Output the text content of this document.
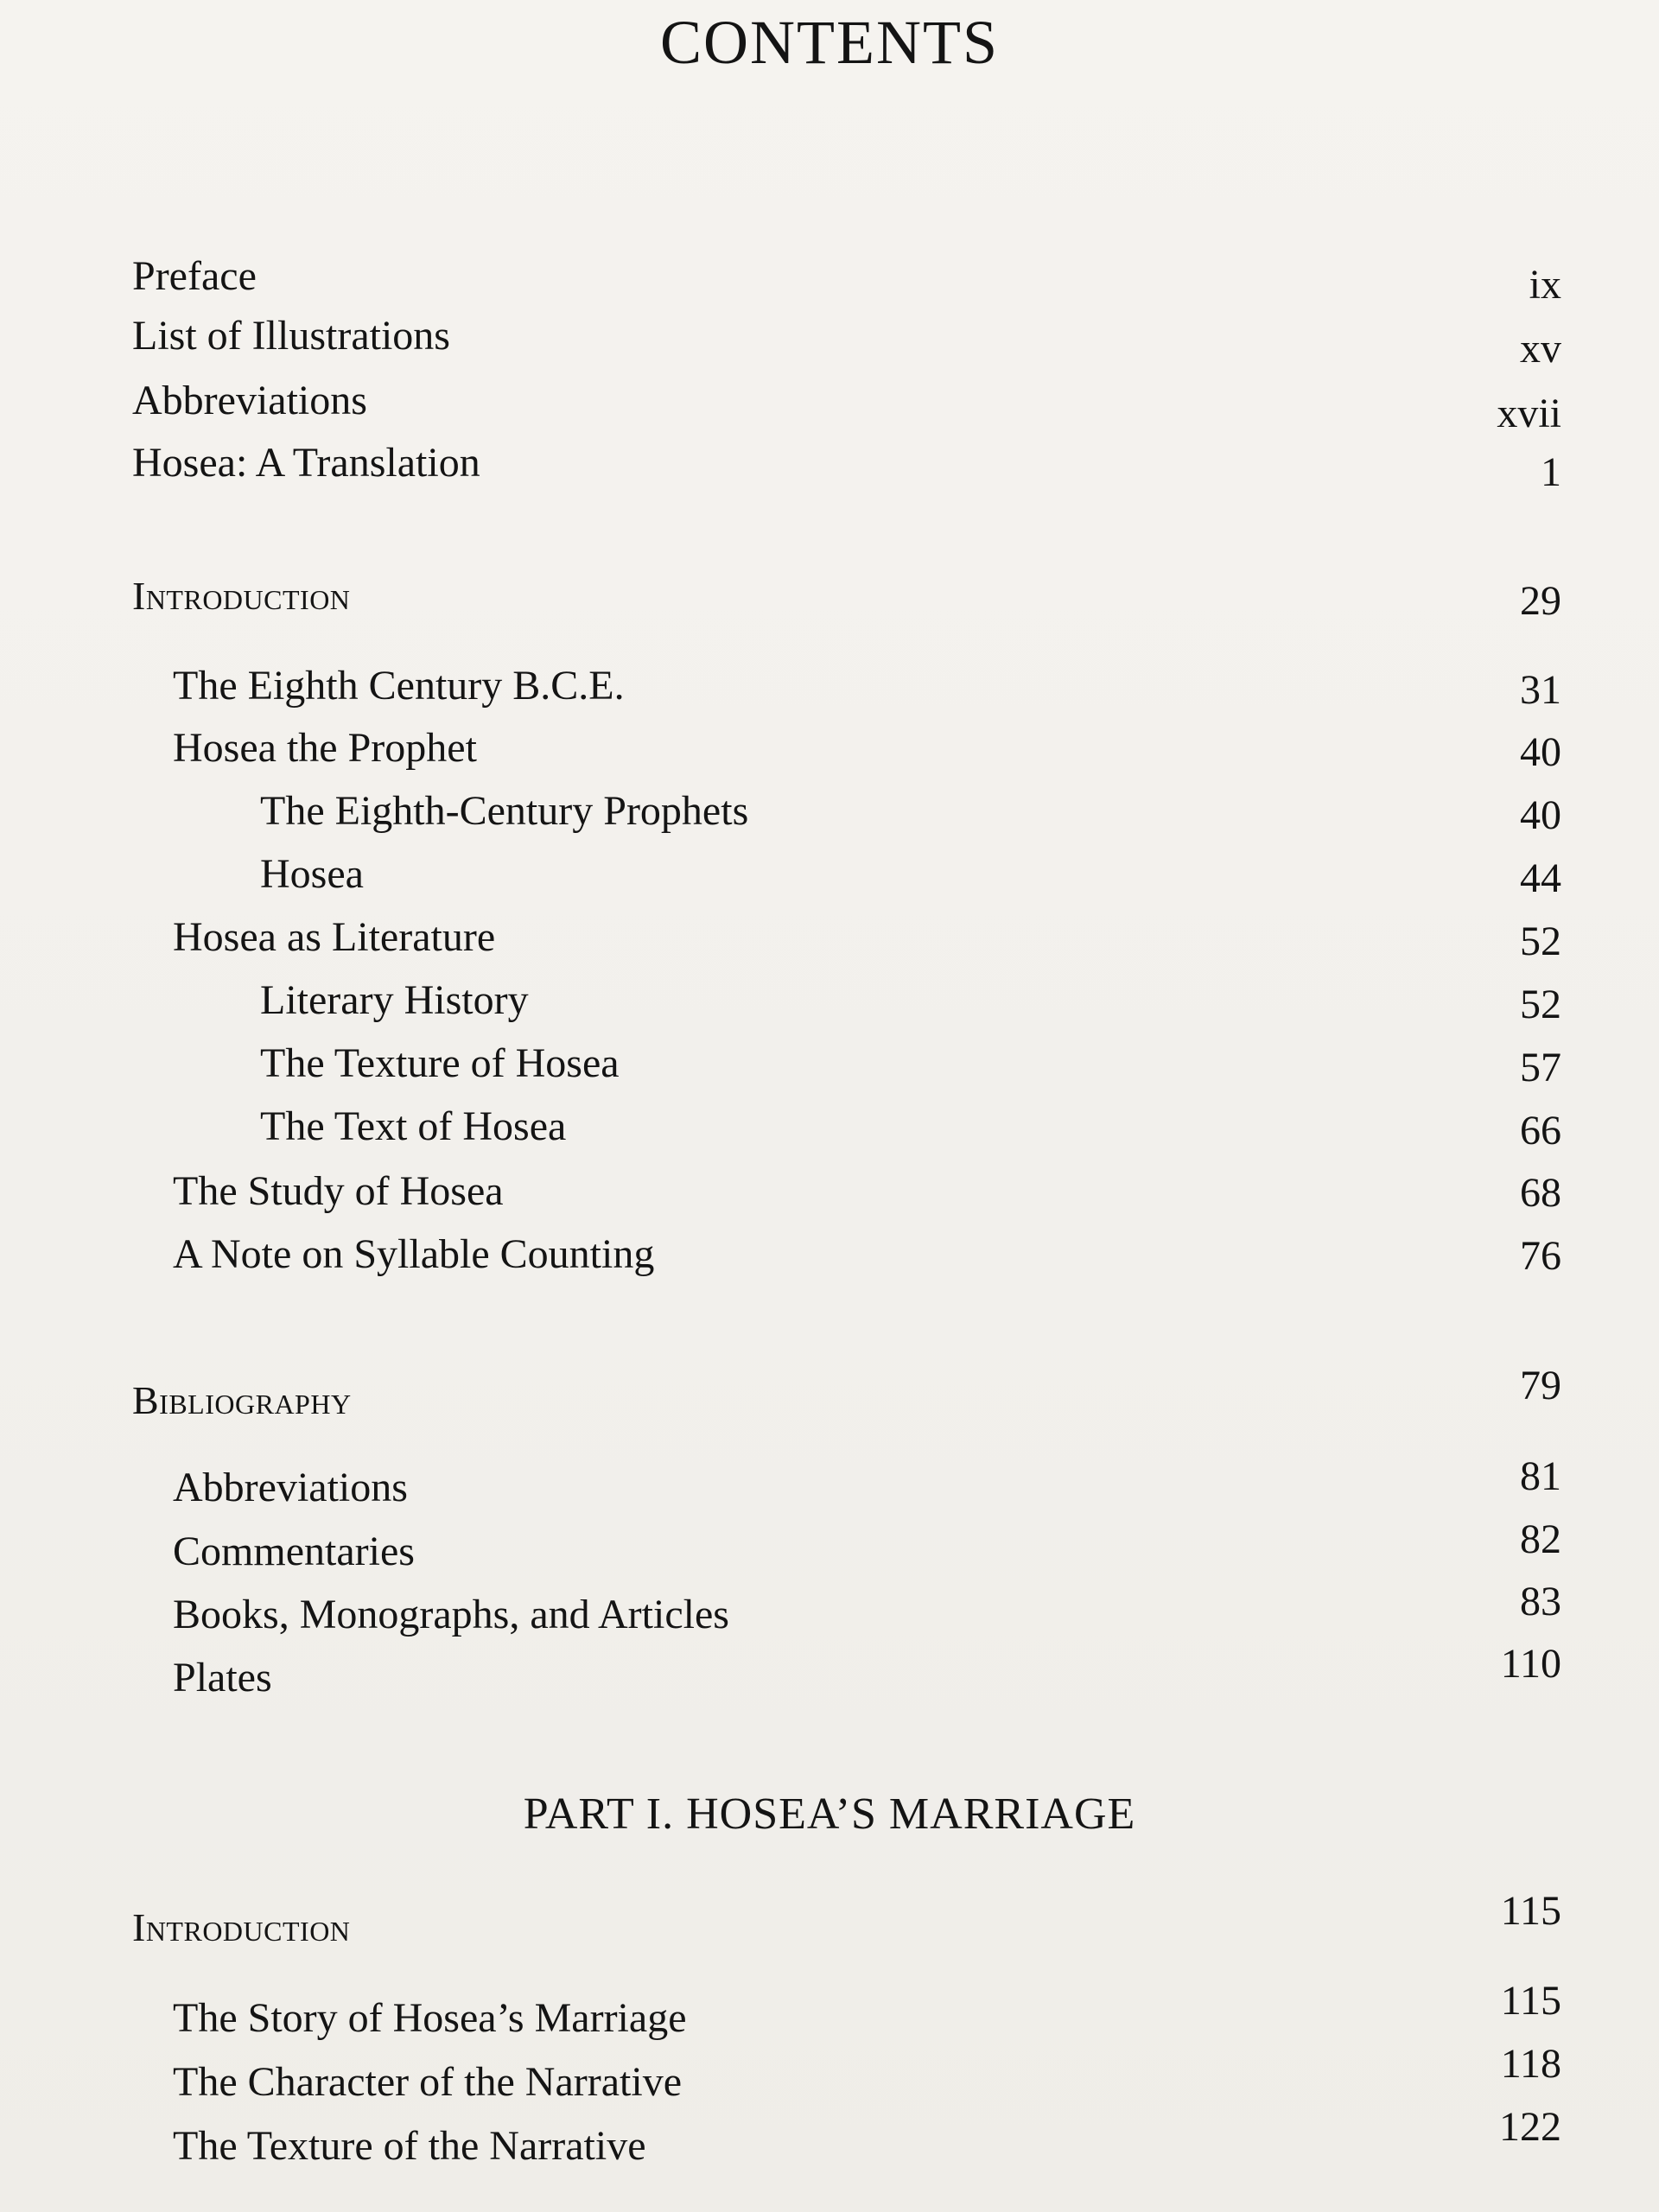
CONTENTS
Preface	ix
List of Illustrations	xv
Abbreviations	xvii
Hosea: A Translation	1
Introduction	29
The Eighth Century B.C.E.	31
Hosea the Prophet	40
The Eighth-Century Prophets	40
Hosea	44
Hosea as Literature	52
Literary History	52
The Texture of Hosea	57
The Text of Hosea	66
The Study of Hosea	68
A Note on Syllable Counting	76
Bibliography	79
Abbreviations	81
Commentaries	82
Books, Monographs, and Articles	83
Plates	110
PART I. HOSEA’S MARRIAGE
Introduction	115
The Story of Hosea’s Marriage	115
The Character of the Narrative	118
The Texture of the Narrative	122
